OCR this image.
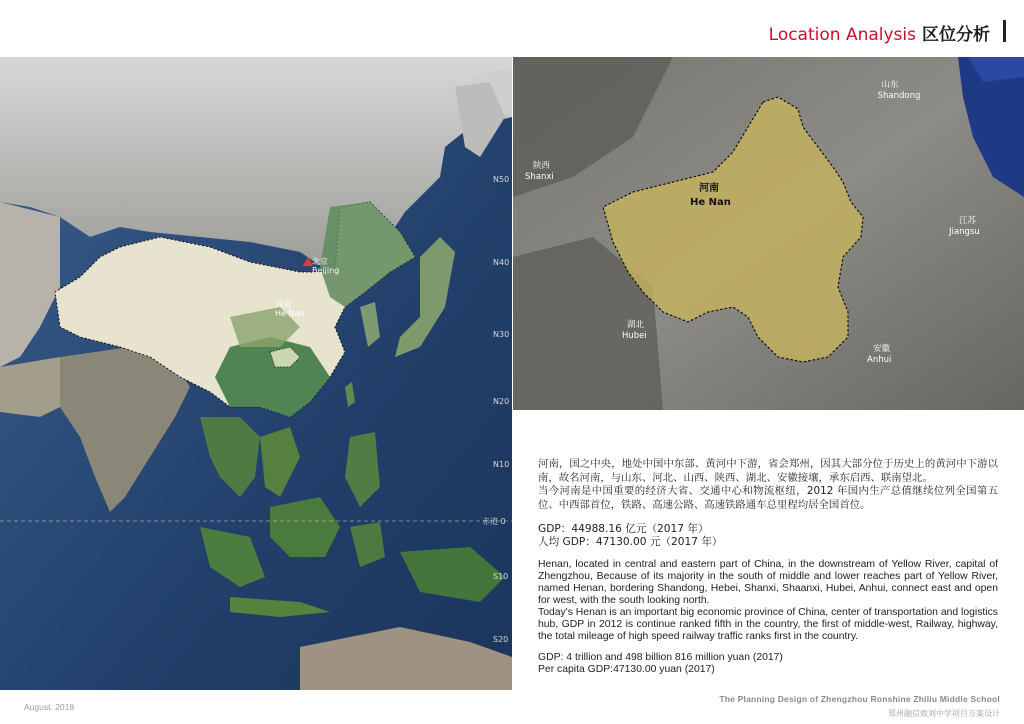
Location Analysis 区位分析
N60
N50
N40
N30
N20
N10
赤道 0
S10
S20
北京
Beijing
河南
He Nan
山东
Shandong
陕西
Shanxi
河南
He Nan
江苏
Jiangsu
湖北
Hubei
安徽
Anhui

河南，国之中央，地处中国中东部、黄河中下游，省会郑州，因其大部分位于历史上的黄河中下游以南，故名河南，与山东、河北、山西、陕西、湖北、安徽接壤，承东启西、联南望北。

当今河南是中国重要的经济大省、交通中心和物流枢纽，2012 年国内生产总值继续位列全国第五位、中西部首位，铁路、高速公路、高速铁路通车总里程均居全国首位。

GDP：44988.16 亿元（2017 年）

人均 GDP：47130.00 元（2017 年）

Henan, located in central and eastern part of China, in the downstream of Yellow River, capital of Zhengzhou, Because of its majority in the south of middle and lower reaches part of Yellow River, named Henan, bordering Shandong, Hebei, Shanxi, Shaanxi, Hubei, Anhui, connect east and open for west, with the south looking north.

Today's Henan is an important big economic province of China, center of transportation and logistics hub, GDP in 2012 is continue ranked fifth in the country, the first of middle-west, Railway, highway, the total mileage of high speed railway traffic ranks first in the country.

GDP: 4 trillion and 498 billion 816 million yuan (2017)

Per capita GDP:47130.00 yuan (2017)

August. 2018
The Planning Design of Zhengzhou Ronshine Zhiliu Middle School
郑州融信致刘中学项目方案设计
